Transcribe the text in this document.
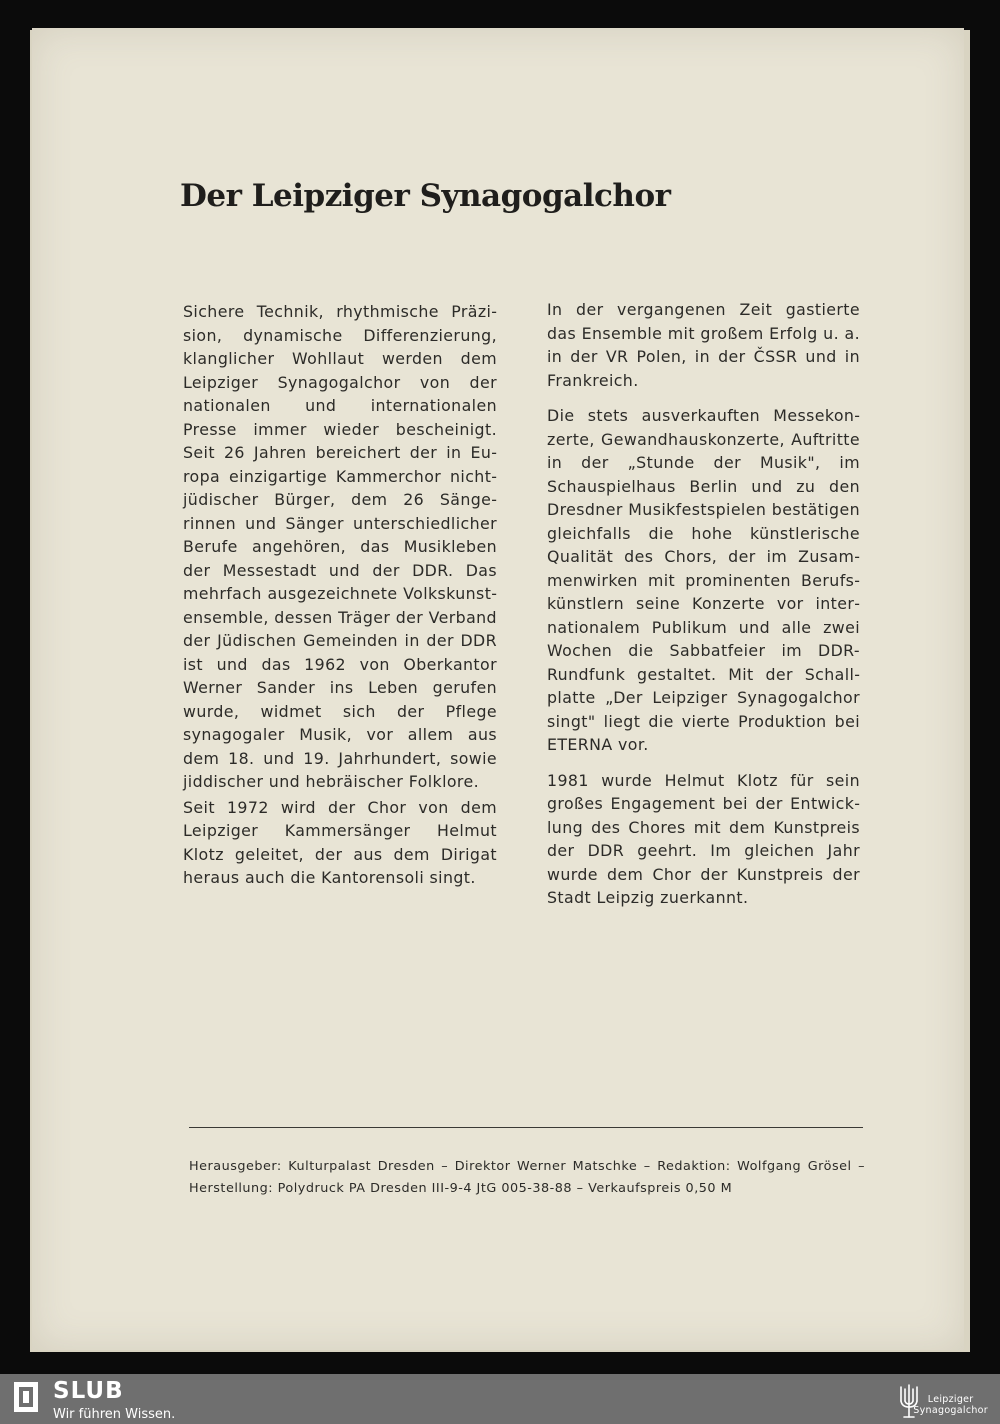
Der Leipziger Synagogalchor

Sichere Technik, rhythmische Präzision, dynamische Differenzierung, klanglicher Wohllaut werden dem Leipziger Synagogalchor von der nationalen und internationalen Presse immer wieder bescheinigt. Seit 26 Jahren bereichert der in Europa einzigartige Kammerchor nichtjüdischer Bürger, dem 26 Sängerinnen und Sänger unterschiedlicher Berufe angehören, das Musikleben der Messestadt und der DDR. Das mehrfach ausgezeichnete Volkskunstensemble, dessen Träger der Verband der Jüdischen Gemeinden in der DDR ist und das 1962 von Oberkantor Werner Sander ins Leben gerufen wurde, widmet sich der Pflege synagogaler Musik, vor allem aus dem 18. und 19. Jahrhundert, sowie jiddischer und hebräischer Folklore.

Seit 1972 wird der Chor von dem Leipziger Kammersänger Helmut Klotz geleitet, der aus dem Dirigat heraus auch die Kantorensoli singt.

In der vergangenen Zeit gastierte das Ensemble mit großem Erfolg u. a. in der VR Polen, in der ČSSR und in Frankreich.

Die stets ausverkauften Messekonzerte, Gewandhauskonzerte, Auftritte in der „Stunde der Musik", im Schauspielhaus Berlin und zu den Dresdner Musikfestspielen bestätigen gleichfalls die hohe künstlerische Qualität des Chors, der im Zusammenwirken mit prominenten Berufskünstlern seine Konzerte vor internationalem Publikum und alle zwei Wochen die Sabbatfeier im DDR-Rundfunk gestaltet. Mit der Schallplatte „Der Leipziger Synagogalchor singt" liegt die vierte Produktion bei ETERNA vor.

1981 wurde Helmut Klotz für sein großes Engagement bei der Entwicklung des Chores mit dem Kunstpreis der DDR geehrt. Im gleichen Jahr wurde dem Chor der Kunstpreis der Stadt Leipzig zuerkannt.

Herausgeber: Kulturpalast Dresden – Direktor Werner Matschke – Redaktion: Wolfgang Grösel – Herstellung: Polydruck PA Dresden III-9-4 JtG 005-38-88 – Verkaufspreis 0,50 M

SLUB
Wir führen Wissen.
Leipziger
Synagogalchor
